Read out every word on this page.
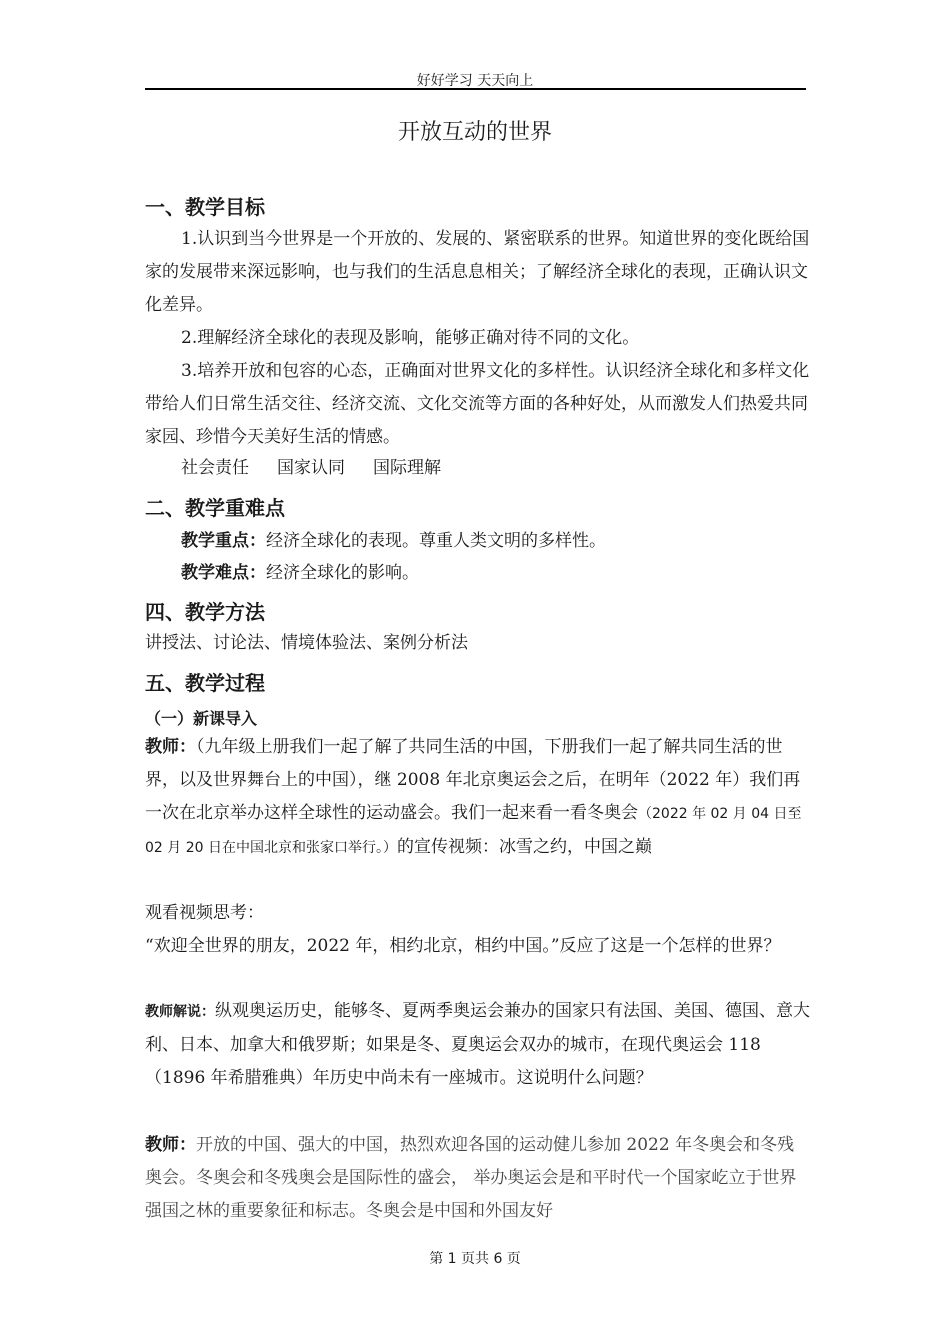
好好学习 天天向上
开放互动的世界
一、教学目标
1.认识到当今世界是一个开放的、发展的、紧密联系的世界。知道世界的变化既给国家的发展带来深远影响，也与我们的生活息息相关；了解经济全球化的表现，正确认识文化差异。
2.理解经济全球化的表现及影响，能够正确对待不同的文化。
3.培养开放和包容的心态，正确面对世界文化的多样性。认识经济全球化和多样文化带给人们日常生活交往、经济交流、文化交流等方面的各种好处，从而激发人们热爱共同家园、珍惜今天美好生活的情感。
社会责任 国家认同 国际理解
二、教学重难点
教学重点：经济全球化的表现。尊重人类文明的多样性。
教学难点：经济全球化的影响。
四、教学方法
讲授法、讨论法、情境体验法、案例分析法
五、教学过程
（一）新课导入
教师：（九年级上册我们一起了解了共同生活的中国，下册我们一起了解共同生活的世界，以及世界舞台上的中国），继 2008 年北京奥运会之后，在明年（2022 年）我们再一次在北京举办这样全球性的运动盛会。我们一起来看一看冬奥会（2022 年 02 月 04 日至 02 月 20 日在中国北京和张家口举行。）的宣传视频：冰雪之约，中国之巅
观看视频思考：
“欢迎全世界的朋友，2022 年，相约北京，相约中国。”反应了这是一个怎样的世界？
教师解说：纵观奥运历史，能够冬、夏两季奥运会兼办的国家只有法国、美国、德国、意大利、日本、加拿大和俄罗斯；如果是冬、夏奥运会双办的城市，在现代奥运会 118（1896 年希腊雅典）年历史中尚未有一座城市。这说明什么问题？
教师：开放的中国、强大的中国，热烈欢迎各国的运动健儿参加 2022 年冬奥会和冬残奥会。冬奥会和冬残奥会是国际性的盛会， 举办奥运会是和平时代一个国家屹立于世界强国之林的重要象征和标志。冬奥会是中国和外国友好
第 1 页共 6 页
